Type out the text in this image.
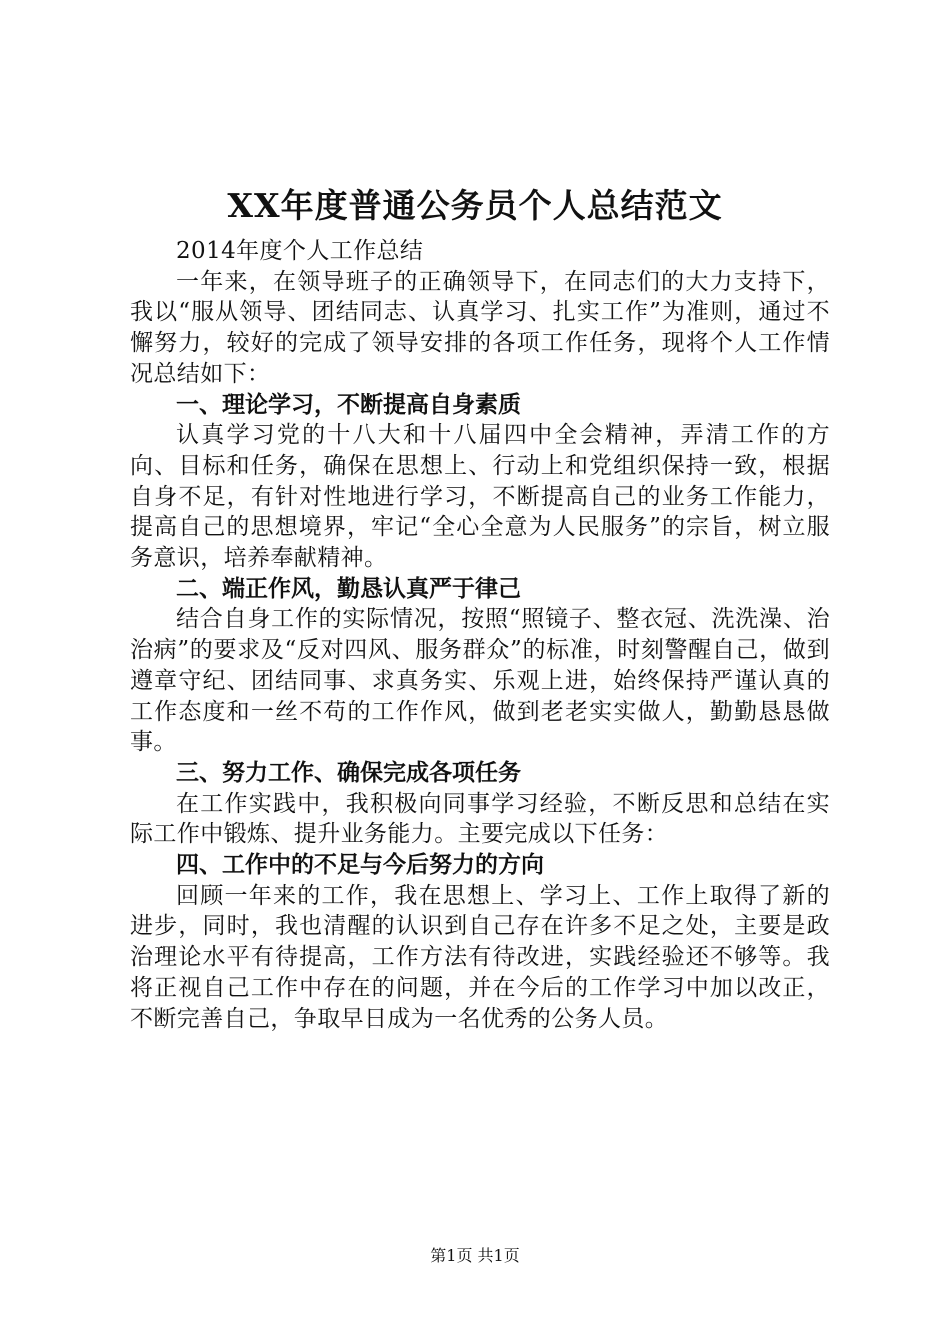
XX年度普通公务员个人总结范文

2014年度个人工作总结

一年来，在领导班子的正确领导下，在同志们的大力支持下，我以“服从领导、团结同志、认真学习、扎实工作”为准则，通过不懈努力，较好的完成了领导安排的各项工作任务，现将个人工作情况总结如下：

一、理论学习，不断提高自身素质

认真学习党的十八大和十八届四中全会精神，弄清工作的方向、目标和任务，确保在思想上、行动上和党组织保持一致，根据自身不足，有针对性地进行学习，不断提高自己的业务工作能力，提高自己的思想境界，牢记“全心全意为人民服务”的宗旨，树立服务意识，培养奉献精神。

二、端正作风，勤恳认真严于律己

结合自身工作的实际情况，按照“照镜子、整衣冠、洗洗澡、治治病”的要求及“反对四风、服务群众”的标准，时刻警醒自己，做到遵章守纪、团结同事、求真务实、乐观上进，始终保持严谨认真的工作态度和一丝不苟的工作作风，做到老老实实做人，勤勤恳恳做事。

三、努力工作、确保完成各项任务

在工作实践中，我积极向同事学习经验，不断反思和总结在实际工作中锻炼、提升业务能力。主要完成以下任务：

四、工作中的不足与今后努力的方向

回顾一年来的工作，我在思想上、学习上、工作上取得了新的进步，同时，我也清醒的认识到自己存在许多不足之处，主要是政治理论水平有待提高，工作方法有待改进，实践经验还不够等。我将正视自己工作中存在的问题，并在今后的工作学习中加以改正，不断完善自己，争取早日成为一名优秀的公务人员。

第1页 共1页
